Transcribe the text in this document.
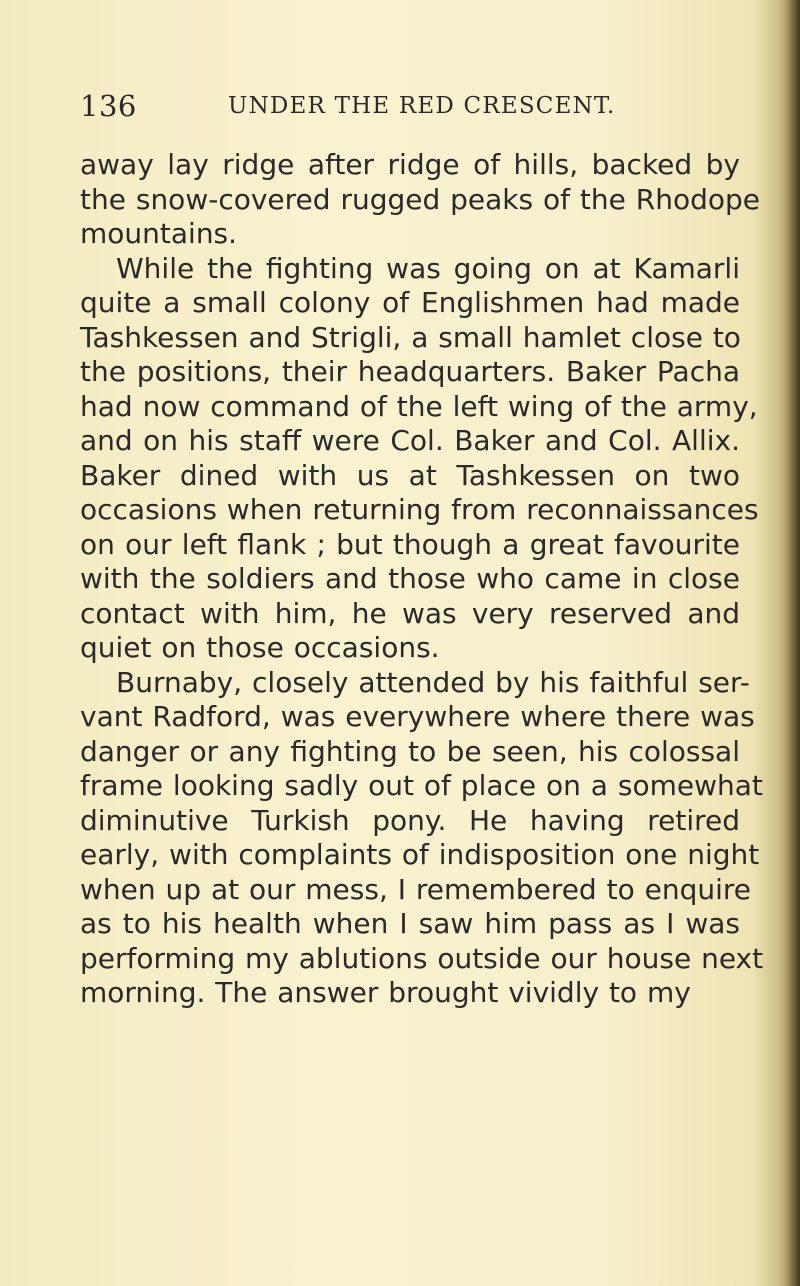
136	UNDER THE RED CRESCENT.

away lay ridge after ridge of hills, backed by
the snow-covered rugged peaks of the Rhodope
mountains.

While the fighting was going on at Kamarli
quite a small colony of Englishmen had made
Tashkessen and Strigli, a small hamlet close to
the positions, their headquarters. Baker Pacha
had now command of the left wing of the army,
and on his staff were Col. Baker and Col. Allix.
Baker dined with us at Tashkessen on two
occasions when returning from reconnaissances
on our left flank ; but though a great favourite
with the soldiers and those who came in close
contact with him, he was very reserved and
quiet on those occasions.

Burnaby, closely attended by his faithful ser-
vant Radford, was everywhere where there was
danger or any fighting to be seen, his colossal
frame looking sadly out of place on a somewhat
diminutive Turkish pony. He having retired
early, with complaints of indisposition one night
when up at our mess, I remembered to enquire
as to his health when I saw him pass as I was
performing my ablutions outside our house next
morning. The answer brought vividly to my
